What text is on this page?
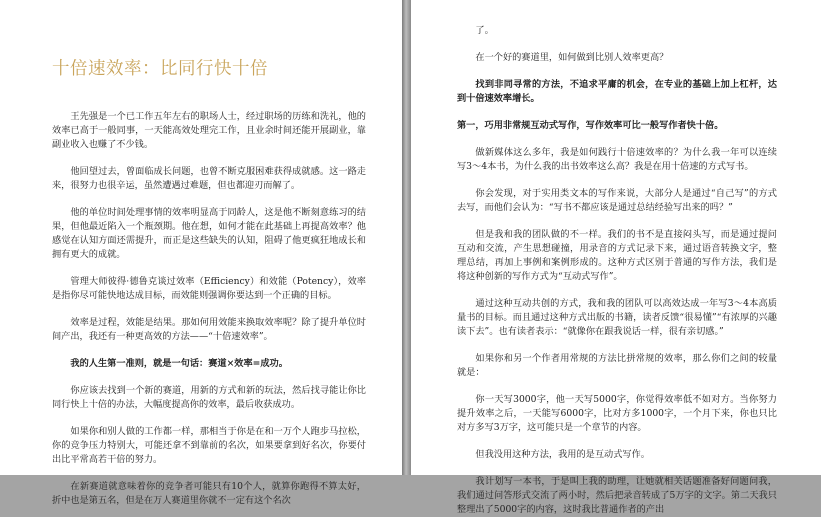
十倍速效率：比同行快十倍

王先强是一个已工作五年左右的职场人士，经过职场的历练和洗礼，他的效率已高于一般同事，一天能高效处理完工作，且业余时间还能开展副业，靠副业收入也赚了不少钱。

他回望过去，曾面临成长问题，也曾不断克服困难获得成就感。这一路走来，很努力也很辛运，虽然遭遇过难题，但也都迎刃而解了。

他的单位时间处理事情的效率明显高于同龄人，这是他不断刻意练习的结果，但他最近陷入一个瓶颈期。他在想，如何才能在此基础上再提高效率？他感觉在认知方面还需提升，而正是这些缺失的认知，阻碍了他更疯狂地成长和拥有更大的成就。

管理大师彼得·德鲁克谈过效率（Efficiency）和效能（Potency），效率是指你尽可能快地达成目标，而效能则强调你要达到一个正确的目标。

效率是过程，效能是结果。那如何用效能来换取效率呢？除了提升单位时间产出，我还有一种更高效的方法——“十倍速效率”。

我的人生第一准则，就是一句话：赛道×效率=成功。

你应该去找到一个新的赛道，用新的方式和新的玩法，然后找寻能让你比同行快上十倍的办法，大幅度提高你的效率，最后收获成功。

如果你和别人做的工作都一样，那相当于你是在和一万个人跑步马拉松，你的竞争压力特别大，可能还拿不到靠前的名次，如果要拿到好名次，你要付出比平常高若干倍的努力。

在新赛道就意味着你的竞争者可能只有10个人，就算你跑得不算太好，折中也是第五名，但是在万人赛道里你就不一定有这个名次

了。

在一个好的赛道里，如何做到比别人效率更高？

找到非同寻常的方法，不追求平庸的机会，在专业的基础上加上杠杆，达到十倍速效率增长。

第一，巧用非常规互动式写作，写作效率可比一般写作者快十倍。

做新媒体这么多年，我是如何践行十倍速效率的？为什么我一年可以连续写3～4本书，为什么我的出书效率这么高？我是在用十倍速的方式写书。

你会发现，对于实用类文本的写作来说，大部分人是通过“自己写”的方式去写，而他们会认为：“写书不都应该是通过总结经验写出来的吗？”

但是我和我的团队做的不一样。我们的书不是直接闷头写，而是通过提问互动和交流，产生思想碰撞，用录音的方式记录下来，通过语音转换文字，整理总结，再加上事例和案例形成的。这种方式区别于普通的写作方法，我们是将这种创新的写作方式为“互动式写作”。

通过这种互动共创的方式，我和我的团队可以高效达成一年写3～4本高质量书的目标。而且通过这种方式出版的书籍，读者反馈“很易懂”“有浓厚的兴趣读下去”。也有读者表示：“就像你在跟我说话一样，很有亲切感。”

如果你和另一个作者用常规的方法比拼常规的效率，那么你们之间的较量就是：

你一天写3000字，他一天写5000字，你觉得效率低不如对方。当你努力提升效率之后，一天能写6000字，比对方多1000字，一个月下来，你也只比对方多写3万字，这可能只是一个章节的内容。

但我没用这种方法，我用的是互动式写作。

我计划写一本书，于是叫上我的助理，让她就相关话题准备好问题问我，我们通过问答形式交流了两小时，然后把录音转成了5万字的文字。第二天我只整理出了5000字的内容，这时我比普通作者的产出
